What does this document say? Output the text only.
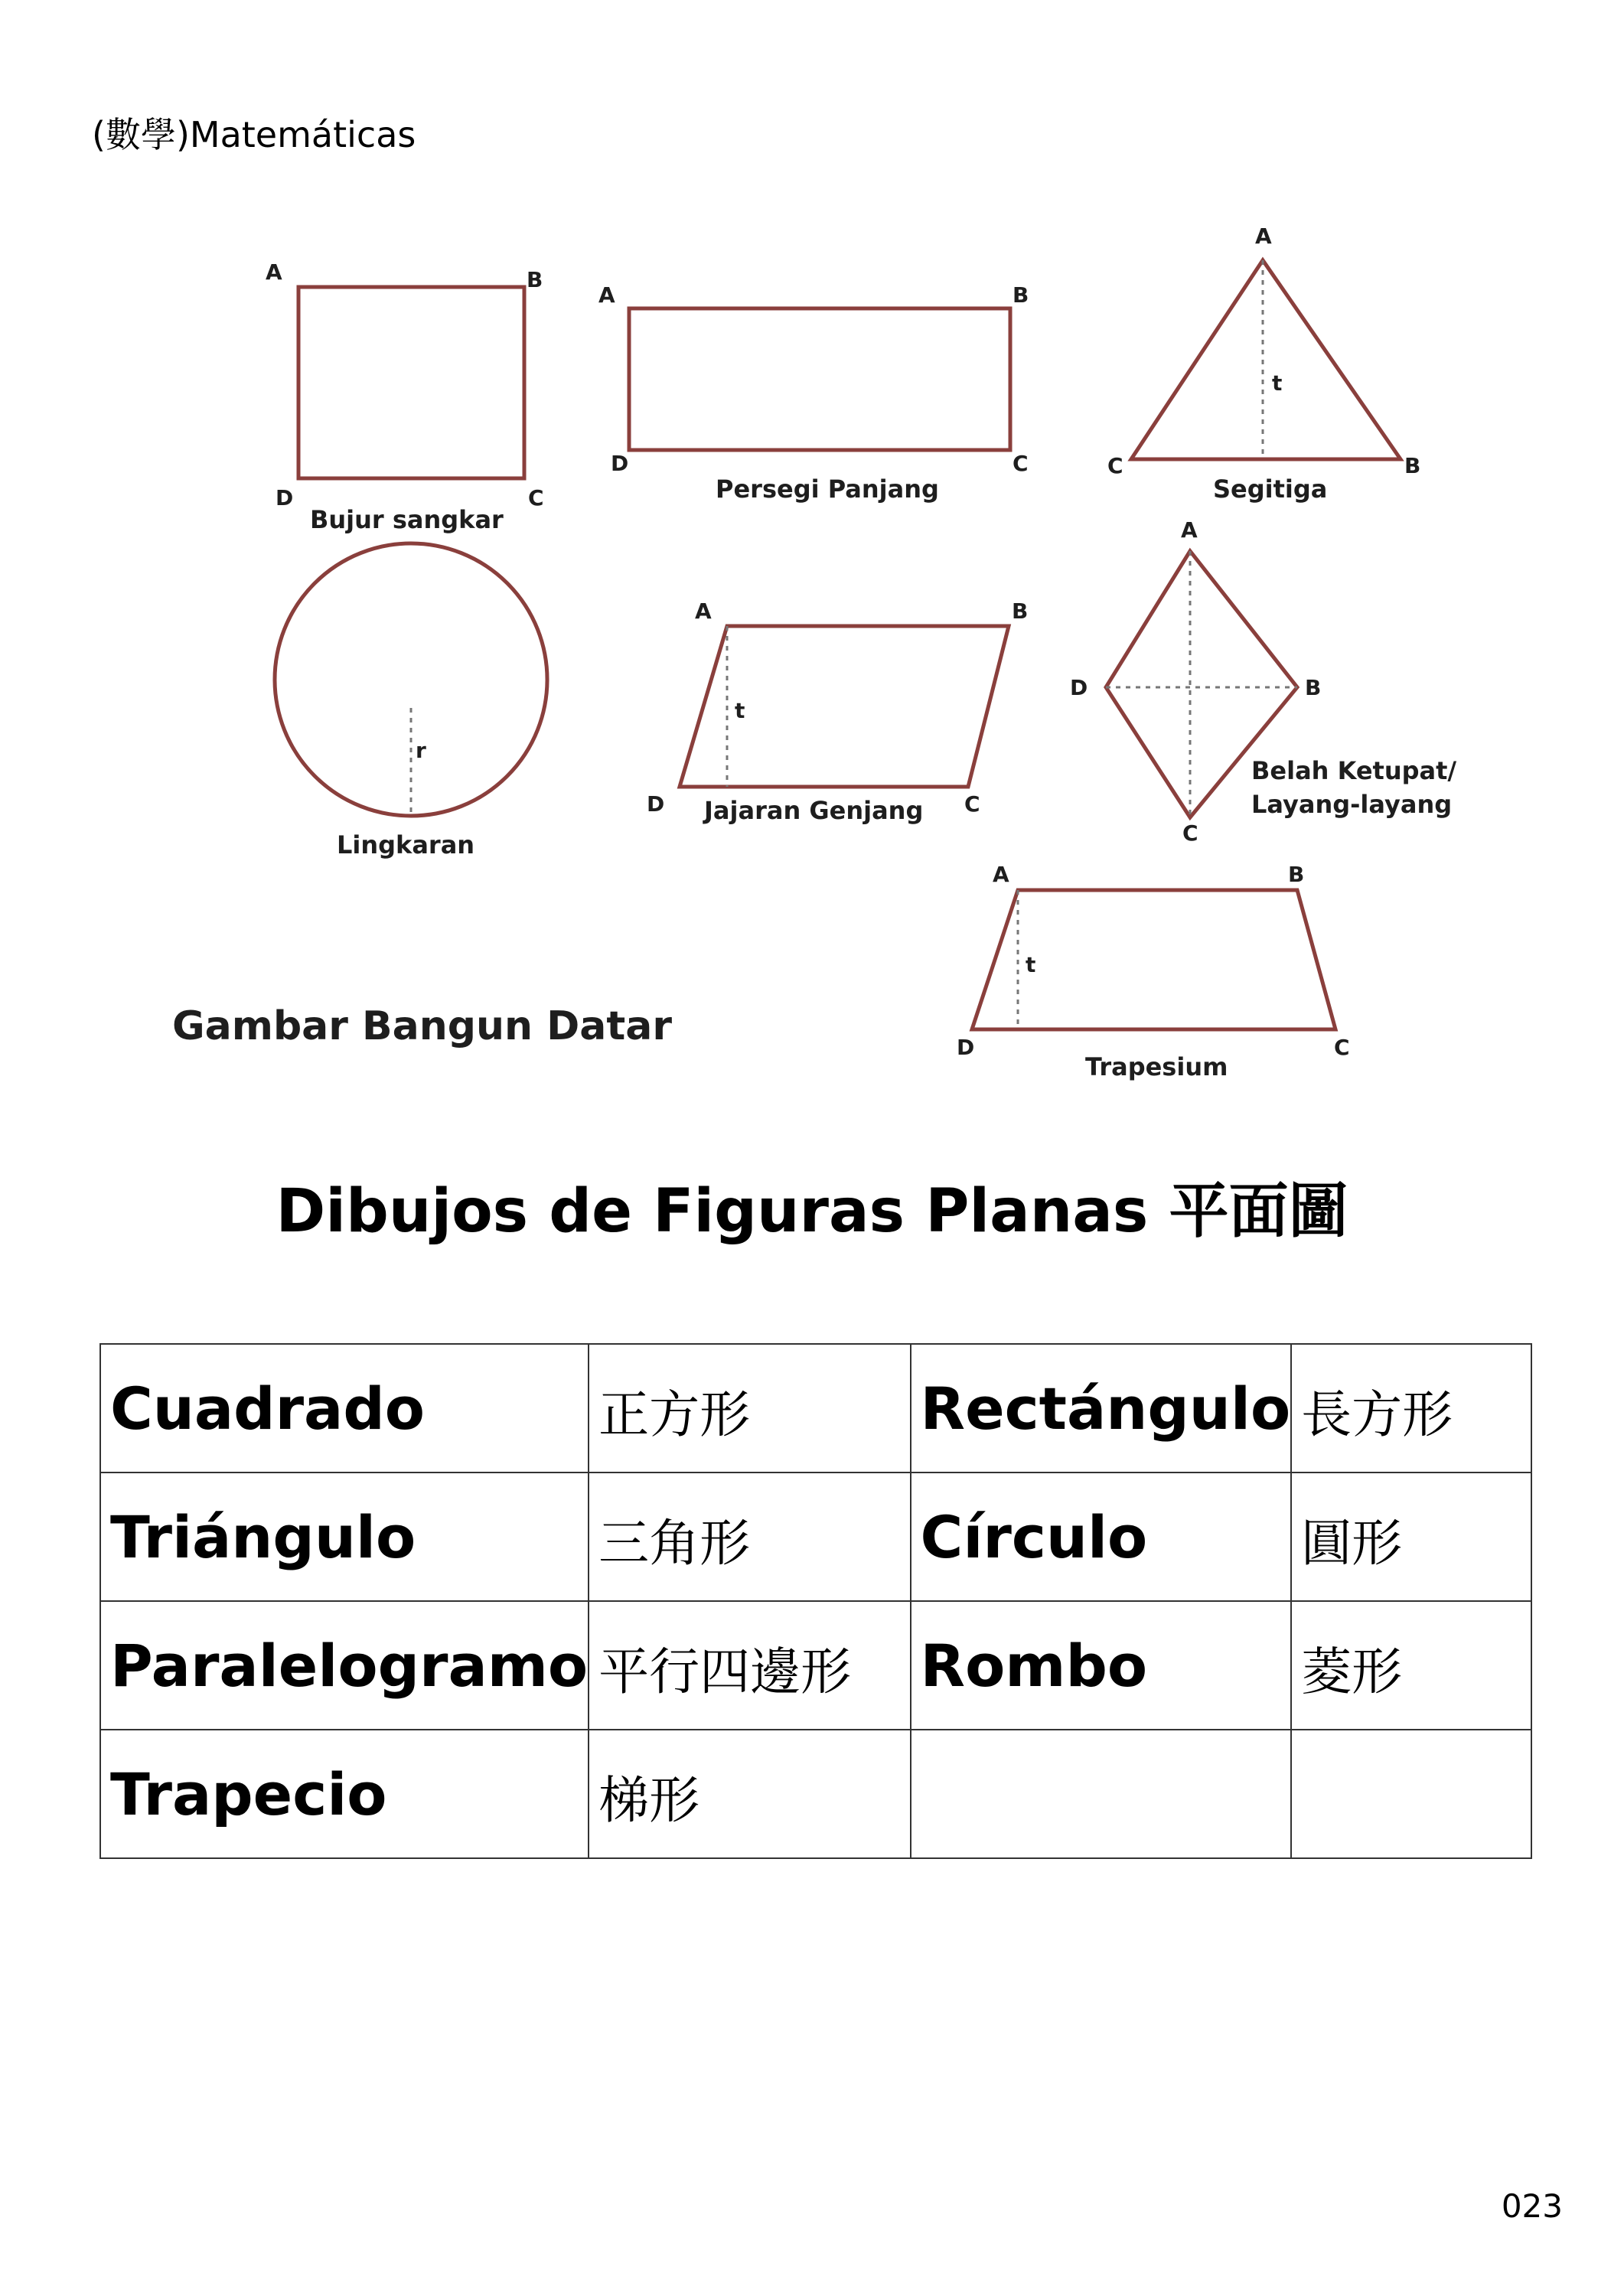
(數學)Matemáticas
A	B
C
D
Bujur sangkar
A	B
C
D
Persegi Panjang
A
B
C
t
Segitiga
r
Lingkaran
A	B
C
D
t
Jajaran Genjang
A
B
C
D
Belah Ketupat/
Layang-layang
A	B
C
D
t
Trapesium
Gambar Bangun Datar
Dibujos de Figuras Planas 平面圖
Cuadrado	正方形	Rectángulo	長方形

Triángulo	三角形	Círculo	圓形

Paralelogramo	平行四邊形	Rombo	菱形

Trapecio	梯形		

023
